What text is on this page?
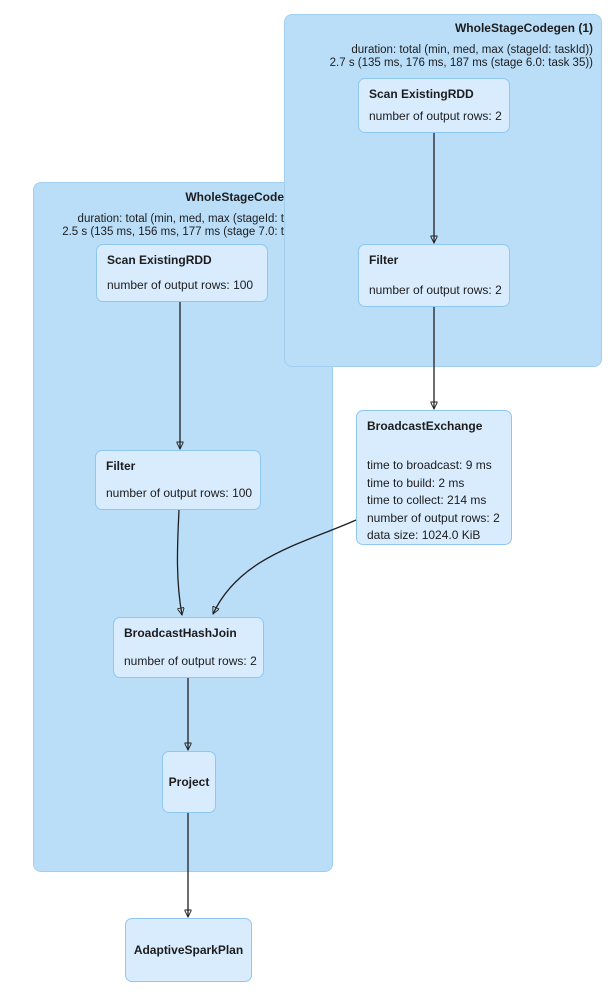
WholeStageCode
duration: total (min, med, max (stageId: t
2.5 s (135 ms, 156 ms, 177 ms (stage 7.0: t
WholeStageCodegen (1)
duration: total (min, med, max (stageId: taskId))
2.7 s (135 ms, 176 ms, 187 ms (stage 6.0: task 35))
Scan ExistingRDD
number of output rows: 2
Filter
number of output rows: 2
BroadcastExchange
time to broadcast: 9 ms
time to build: 2 ms
time to collect: 214 ms
number of output rows: 2
data size: 1024.0 KiB
Scan ExistingRDD
number of output rows: 100
Filter
number of output rows: 100
BroadcastHashJoin
number of output rows: 2
Project
AdaptiveSparkPlan
